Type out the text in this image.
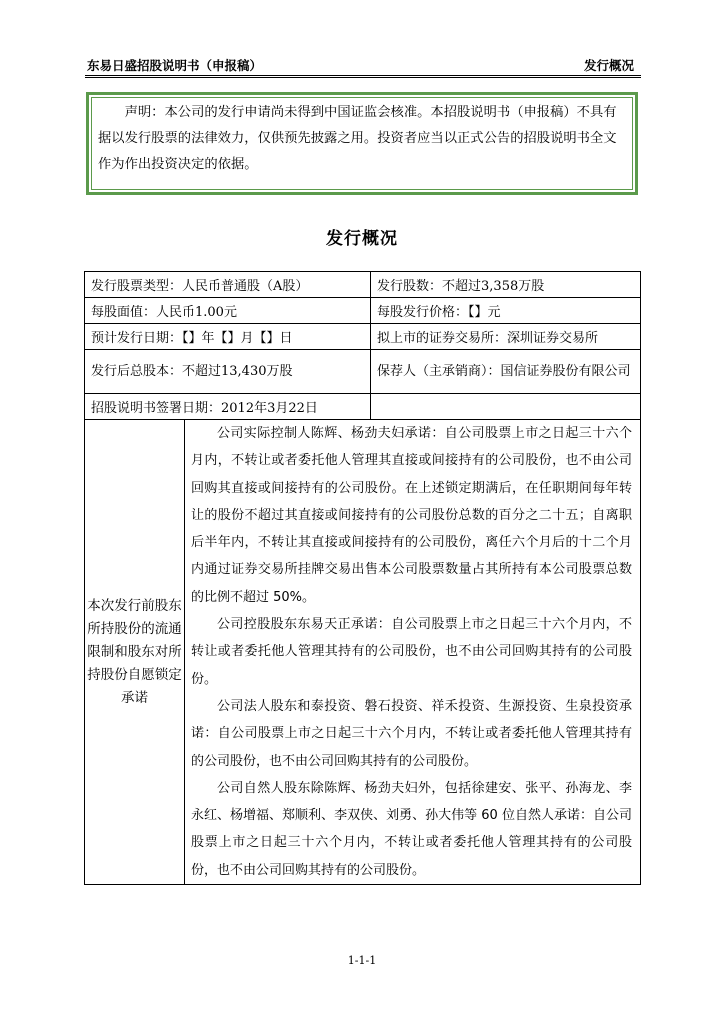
东易日盛招股说明书（申报稿）	发行概况

声明：本公司的发行申请尚未得到中国证监会核准。本招股说明书（申报稿）不具有据以发行股票的法律效力，仅供预先披露之用。投资者应当以正式公告的招股说明书全文作为作出投资决定的依据。

发行概况
发行股票类型：人民币普通股（A股）		发行股数：不超过3,358万股
每股面值：人民币1.00元		每股发行价格：【】元
预计发行日期：【】年【】月【】日		拟上市的证券交易所：深圳证券交易所
发行后总股本：不超过13,430万股		保荐人（主承销商）：国信证券股份有限公司
招股说明书签署日期：2012年3月22日		
本次发行前股东所持股份的流通限制和股东对所持股份自愿锁定承诺	公司实际控制人陈辉、杨劲夫妇承诺：自公司股票上市之日起三十六个月内，不转让或者委托他人管理其直接或间接持有的公司股份，也不由公司回购其直接或间接持有的公司股份。在上述锁定期满后，在任职期间每年转让的股份不超过其直接或间接持有的公司股份总数的百分之二十五；自离职后半年内，不转让其直接或间接持有的公司股份，离任六个月后的十二个月内通过证券交易所挂牌交易出售本公司股票数量占其所持有本公司股票总数的比例不超过 50%。

公司控股股东东易天正承诺：自公司股票上市之日起三十六个月内，不转让或者委托他人管理其持有的公司股份，也不由公司回购其持有的公司股份。

公司法人股东和泰投资、磐石投资、祥禾投资、生源投资、生泉投资承诺：自公司股票上市之日起三十六个月内，不转让或者委托他人管理其持有的公司股份，也不由公司回购其持有的公司股份。

公司自然人股东除陈辉、杨劲夫妇外，包括徐建安、张平、孙海龙、李永红、杨增福、郑顺利、李双侠、刘勇、孙大伟等 60 位自然人承诺：自公司股票上市之日起三十六个月内，不转让或者委托他人管理其持有的公司股份，也不由公司回购其持有的公司股份。	

1-1-1
